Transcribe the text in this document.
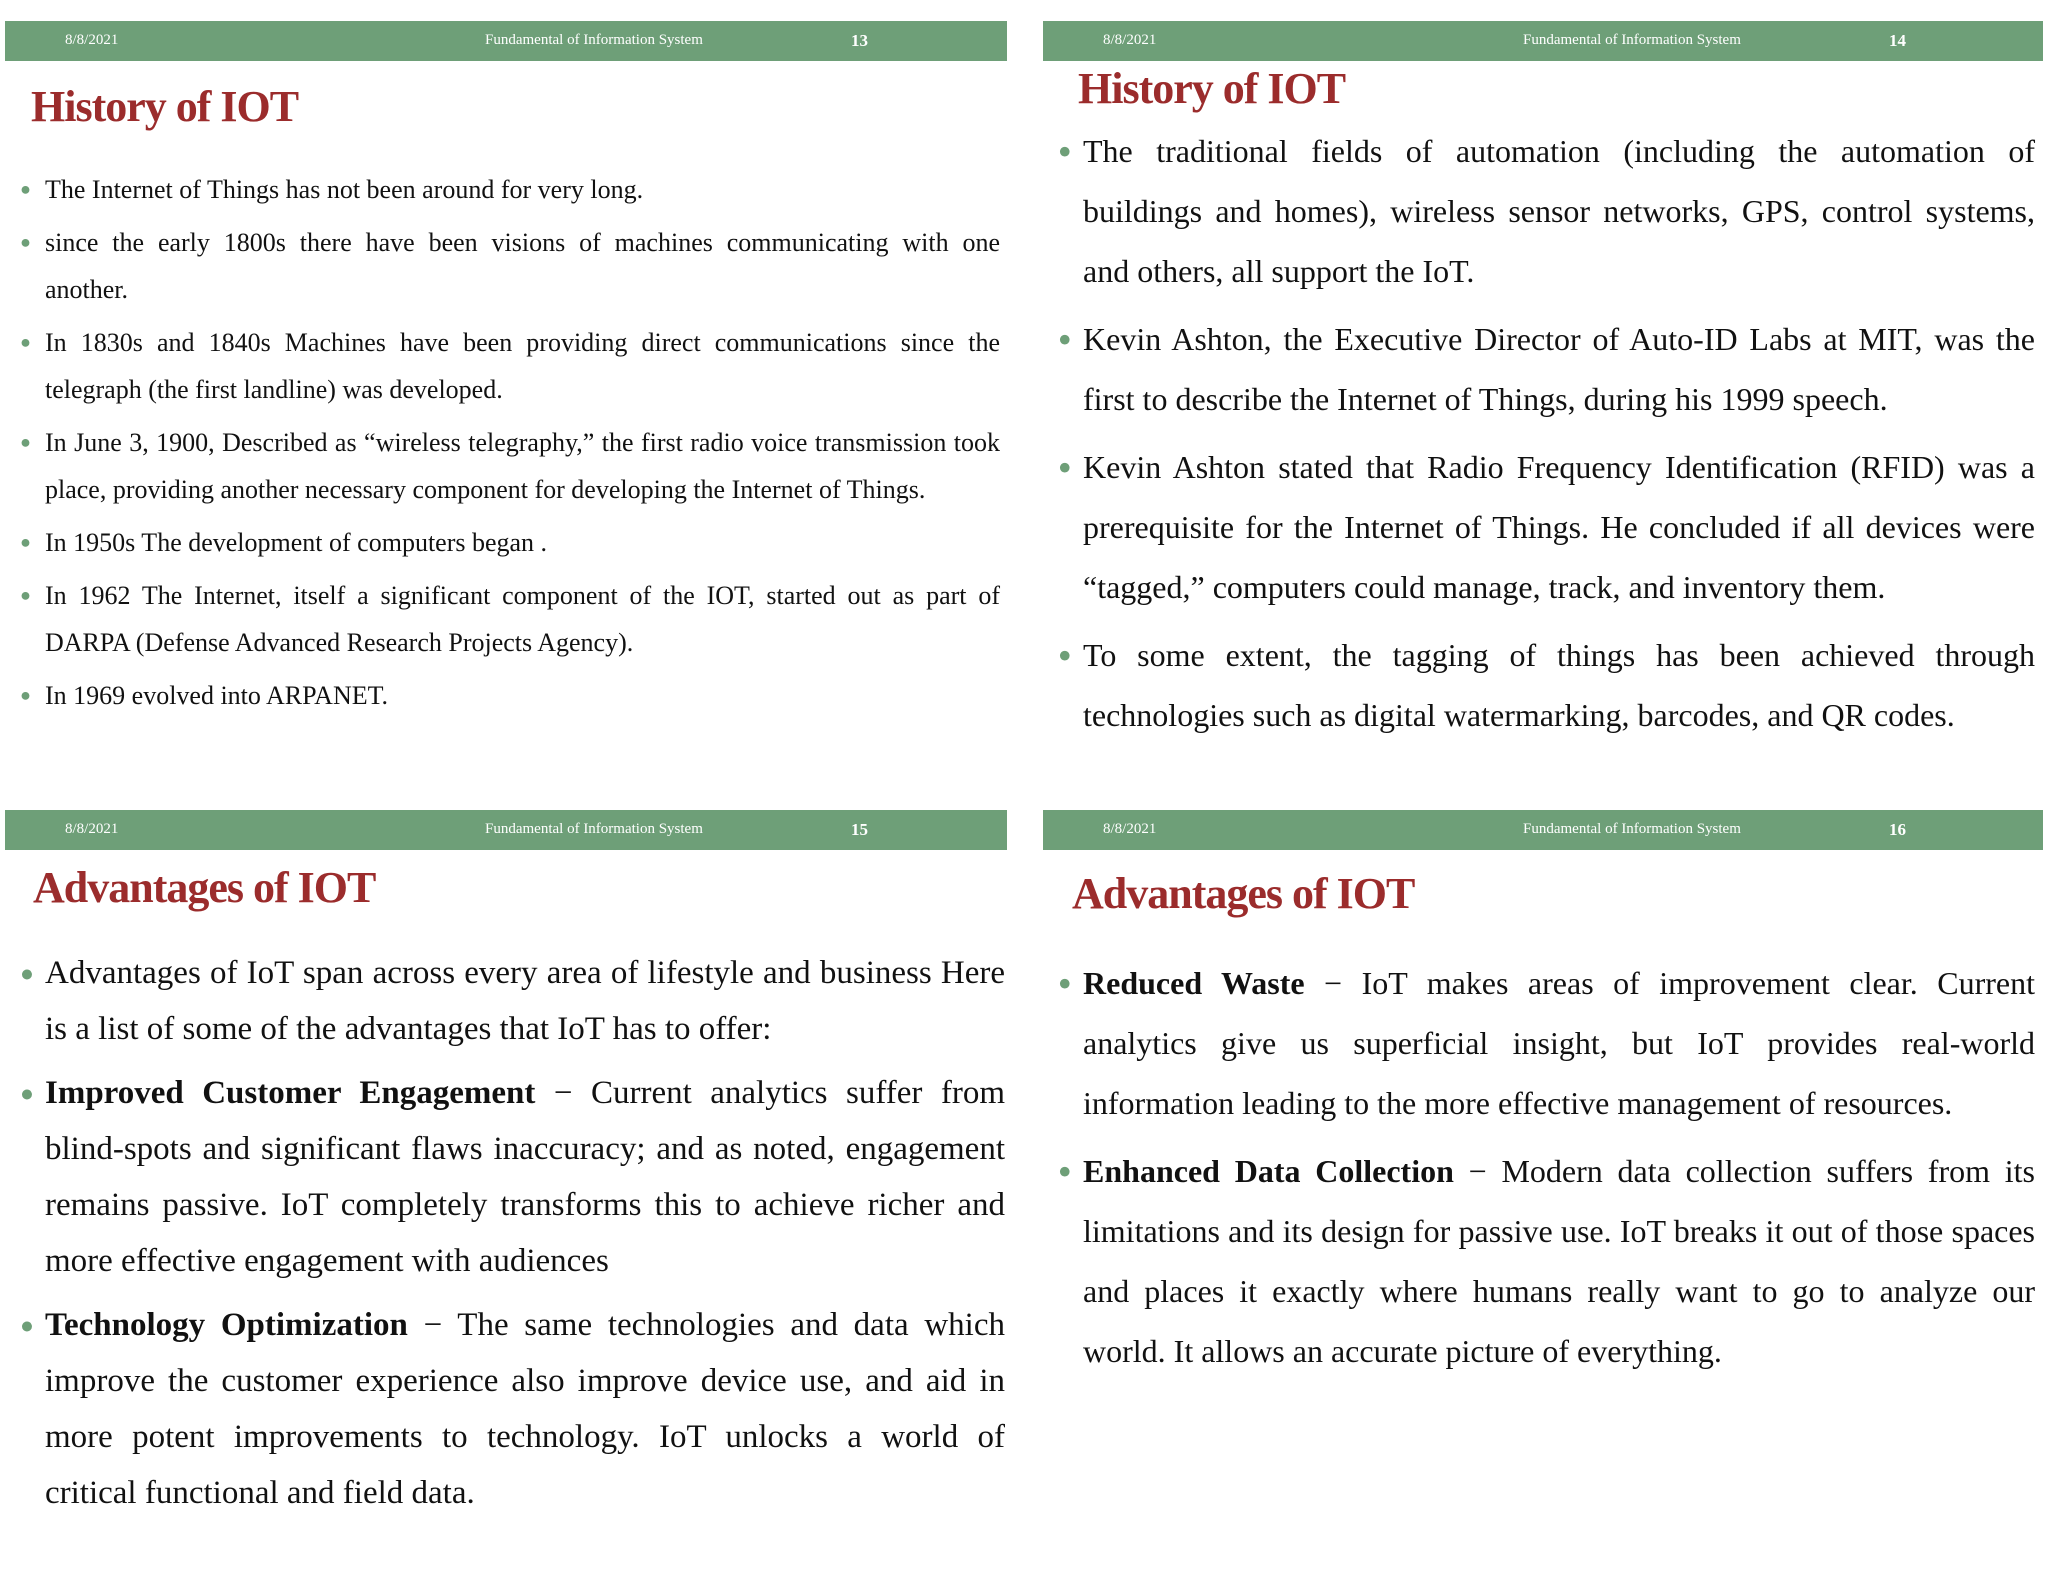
8/8/2021	Fundamental of Information System	13
History of IOT
● The Internet of Things has not been around for very long.
● since the early 1800s there have been visions of machines communicating with one another.
● In 1830s and 1840s Machines have been providing direct communications since the telegraph (the first landline) was developed.
● In June 3, 1900, Described as “wireless telegraphy,” the first radio voice transmission took place, providing another necessary component for developing the Internet of Things.
● In 1950s The development of computers began .
● In 1962 The Internet, itself a significant component of the IOT, started out as part of DARPA (Defense Advanced Research Projects Agency).
● In 1969 evolved into ARPANET.
8/8/2021	Fundamental of Information System	14
History of IOT
● The traditional fields of automation (including the automation of buildings and homes), wireless sensor networks, GPS, control systems, and others, all support the IoT.
● Kevin Ashton, the Executive Director of Auto-ID Labs at MIT, was the first to describe the Internet of Things, during his 1999 speech.
● Kevin Ashton stated that Radio Frequency Identification (RFID) was a prerequisite for the Internet of Things. He concluded if all devices were “tagged,” computers could manage, track, and inventory them.
● To some extent, the tagging of things has been achieved through technologies such as digital watermarking, barcodes, and QR codes.
8/8/2021	Fundamental of Information System	15
Advantages of IOT
● Advantages of IoT span across every area of lifestyle and business Here is a list of some of the advantages that IoT has to offer:
● Improved Customer Engagement − Current analytics suffer from blind-spots and significant flaws inaccuracy; and as noted, engagement remains passive. IoT completely transforms this to achieve richer and more effective engagement with audiences
● Technology Optimization − The same technologies and data which improve the customer experience also improve device use, and aid in more potent improvements to technology. IoT unlocks a world of critical functional and field data.
8/8/2021	Fundamental of Information System	16
Advantages of IOT
● Reduced Waste − IoT makes areas of improvement clear. Current analytics give us superficial insight, but IoT provides real-world information leading to the more effective management of resources.
● Enhanced Data Collection − Modern data collection suffers from its limitations and its design for passive use. IoT breaks it out of those spaces and places it exactly where humans really want to go to analyze our world. It allows an accurate picture of everything.
